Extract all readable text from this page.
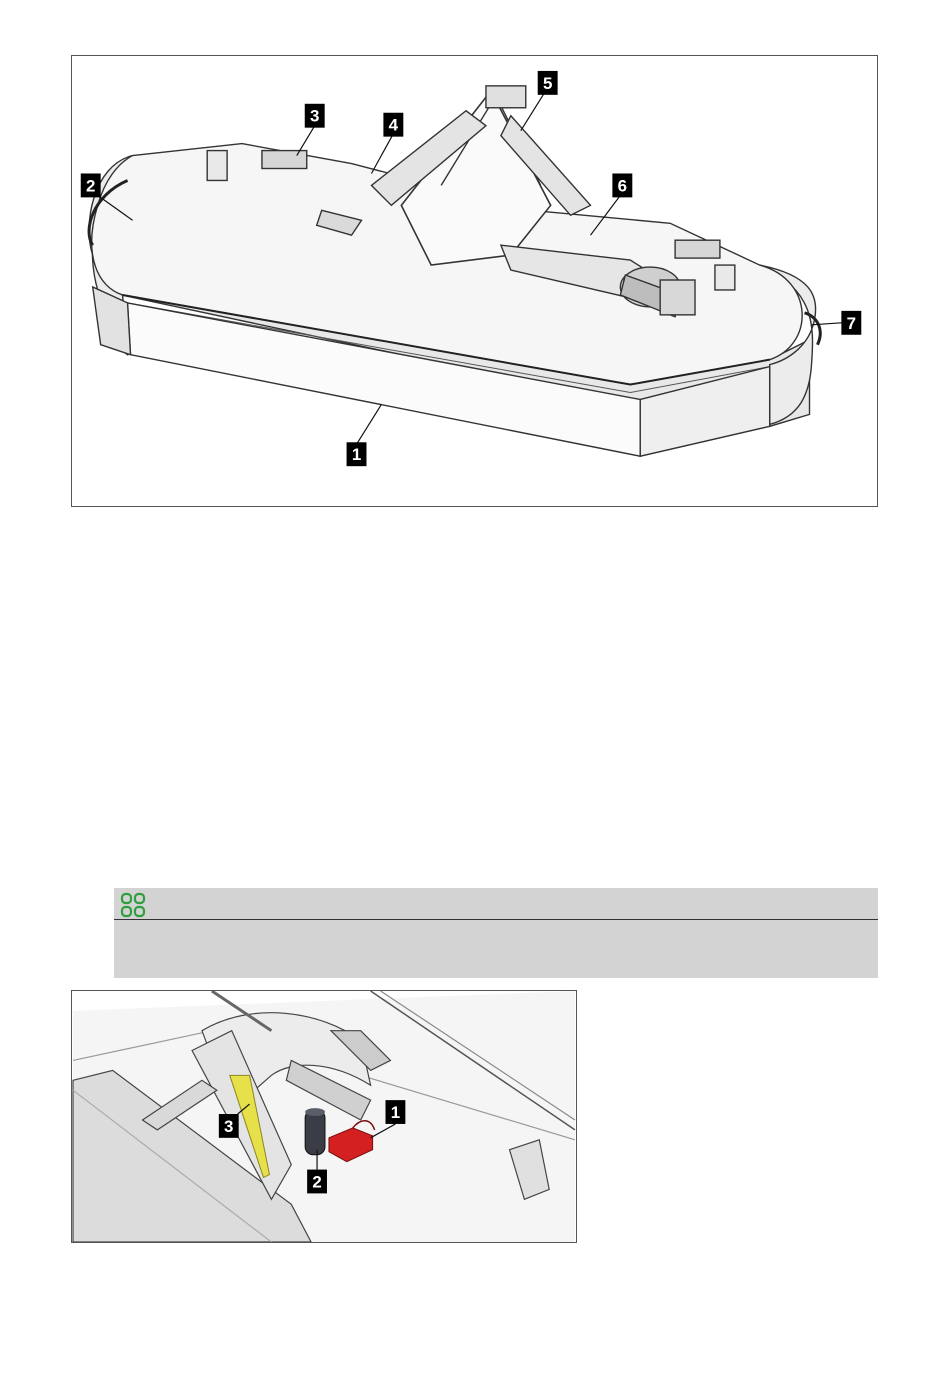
1
2
3	4
5
6
7
1
2
3
